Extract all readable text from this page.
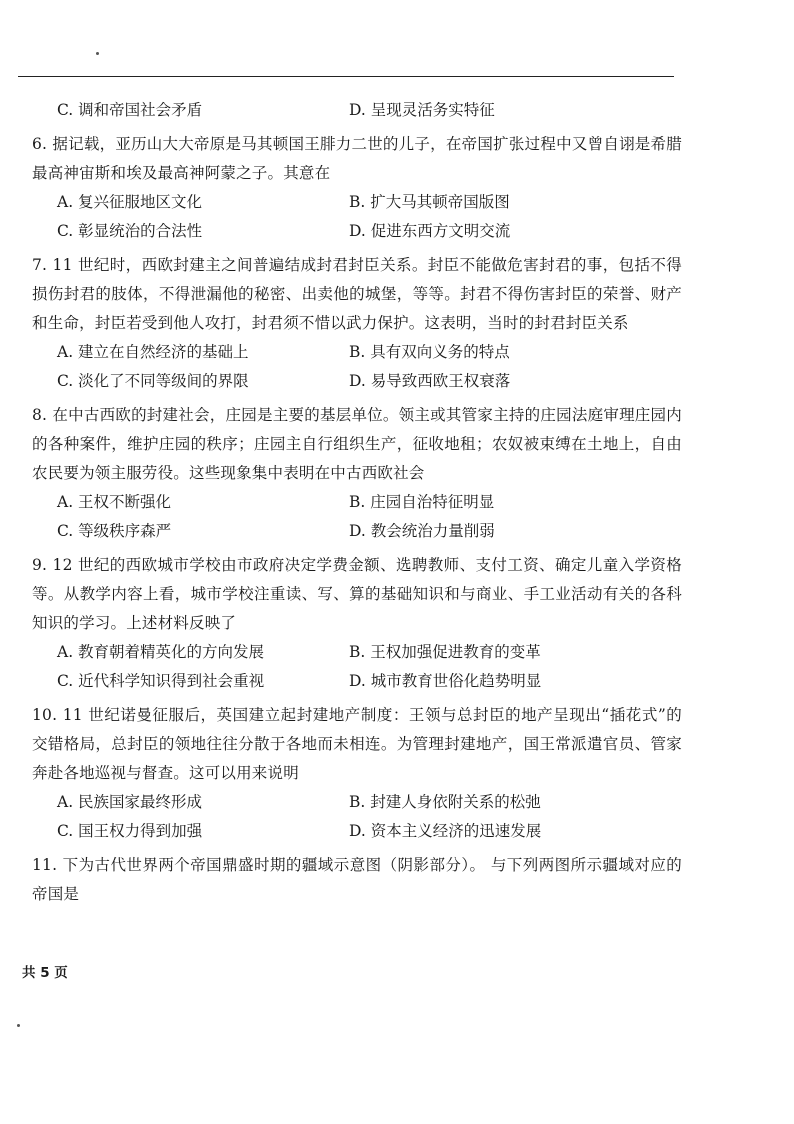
C. 调和帝国社会矛盾	D. 呈现灵活务实特征

6. 据记载，亚历山大大帝原是马其顿国王腓力二世的儿子，在帝国扩张过程中又曾自诩是希腊最高神宙斯和埃及最高神阿蒙之子。其意在

A. 复兴征服地区文化	B. 扩大马其顿帝国版图
C. 彰显统治的合法性	D. 促进东西方文明交流

7. 11 世纪时，西欧封建主之间普遍结成封君封臣关系。封臣不能做危害封君的事，包括不得损伤封君的肢体，不得泄漏他的秘密、出卖他的城堡，等等。封君不得伤害封臣的荣誉、财产和生命，封臣若受到他人攻打，封君须不惜以武力保护。这表明，当时的封君封臣关系

A. 建立在自然经济的基础上	B. 具有双向义务的特点
C. 淡化了不同等级间的界限	D. 易导致西欧王权衰落

8. 在中古西欧的封建社会，庄园是主要的基层单位。领主或其管家主持的庄园法庭审理庄园内的各种案件，维护庄园的秩序；庄园主自行组织生产，征收地租；农奴被束缚在土地上，自由农民要为领主服劳役。这些现象集中表明在中古西欧社会

A. 王权不断强化	B. 庄园自治特征明显
C. 等级秩序森严	D. 教会统治力量削弱

9. 12 世纪的西欧城市学校由市政府决定学费金额、选聘教师、支付工资、确定儿童入学资格等。从教学内容上看，城市学校注重读、写、算的基础知识和与商业、手工业活动有关的各科知识的学习。上述材料反映了

A. 教育朝着精英化的方向发展	B. 王权加强促进教育的变革
C. 近代科学知识得到社会重视	D. 城市教育世俗化趋势明显

10. 11 世纪诺曼征服后，英国建立起封建地产制度：王领与总封臣的地产呈现出“插花式”的交错格局，总封臣的领地往往分散于各地而未相连。为管理封建地产，国王常派遣官员、管家奔赴各地巡视与督查。这可以用来说明

A. 民族国家最终形成	B. 封建人身依附关系的松弛
C. 国王权力得到加强	D. 资本主义经济的迅速发展

11. 下为古代世界两个帝国鼎盛时期的疆域示意图（阴影部分）。 与下列两图所示疆域对应的帝国是

共 5 页
